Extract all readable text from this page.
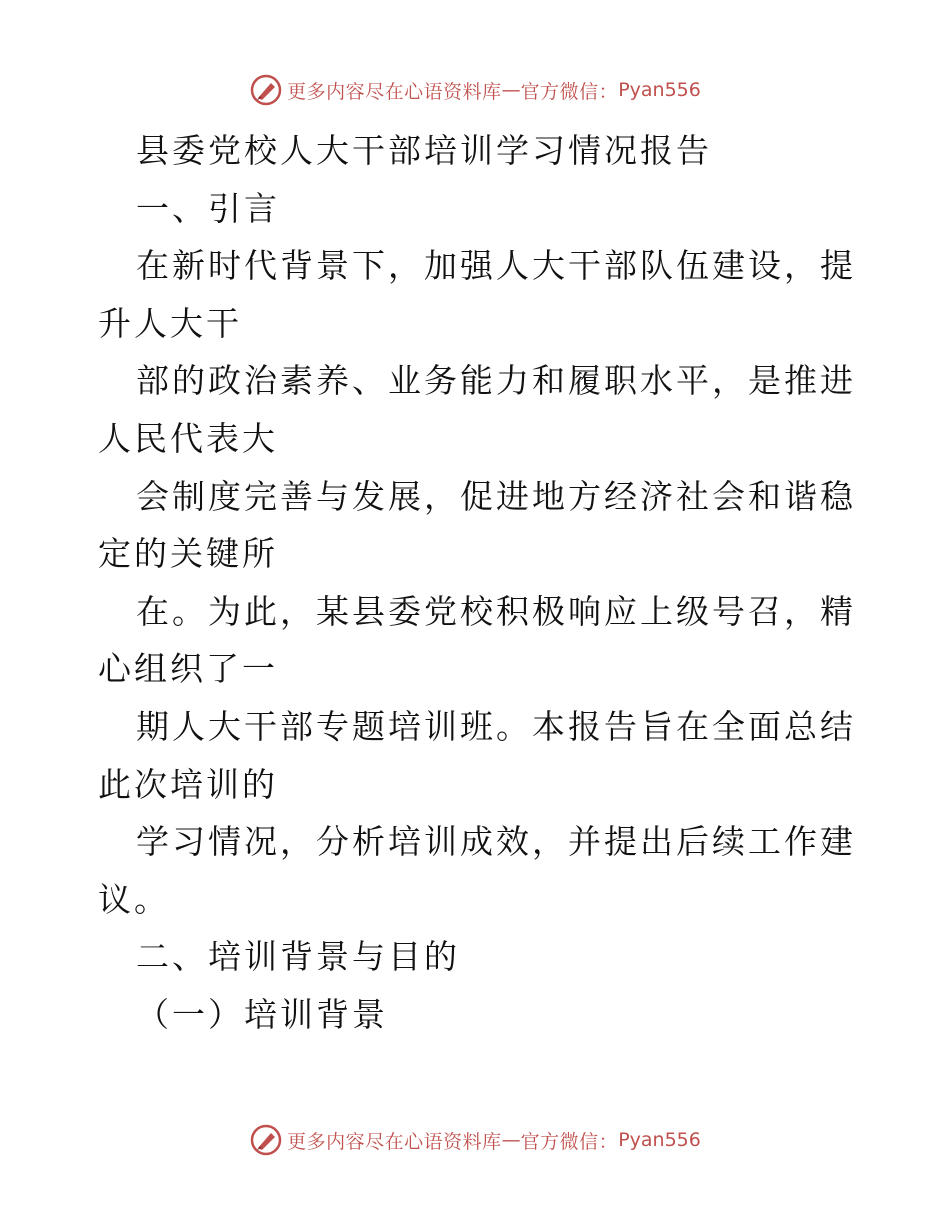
更多内容尽在心语资料库 — 官方微信： Pyan556

县委党校人大干部培训学习情况报告

一、引言

在新时代背景下，加强人大干部队伍建设，提升人大干

部的政治素养、业务能力和履职水平，是推进人民代表大

会制度完善与发展，促进地方经济社会和谐稳定的关键所

在。为此，某县委党校积极响应上级号召，精心组织了一

期人大干部专题培训班。本报告旨在全面总结此次培训的

学习情况，分析培训成效，并提出后续工作建议。

二、培训背景与目的

（一）培训背景

更多内容尽在心语资料库 — 官方微信： Pyan556
